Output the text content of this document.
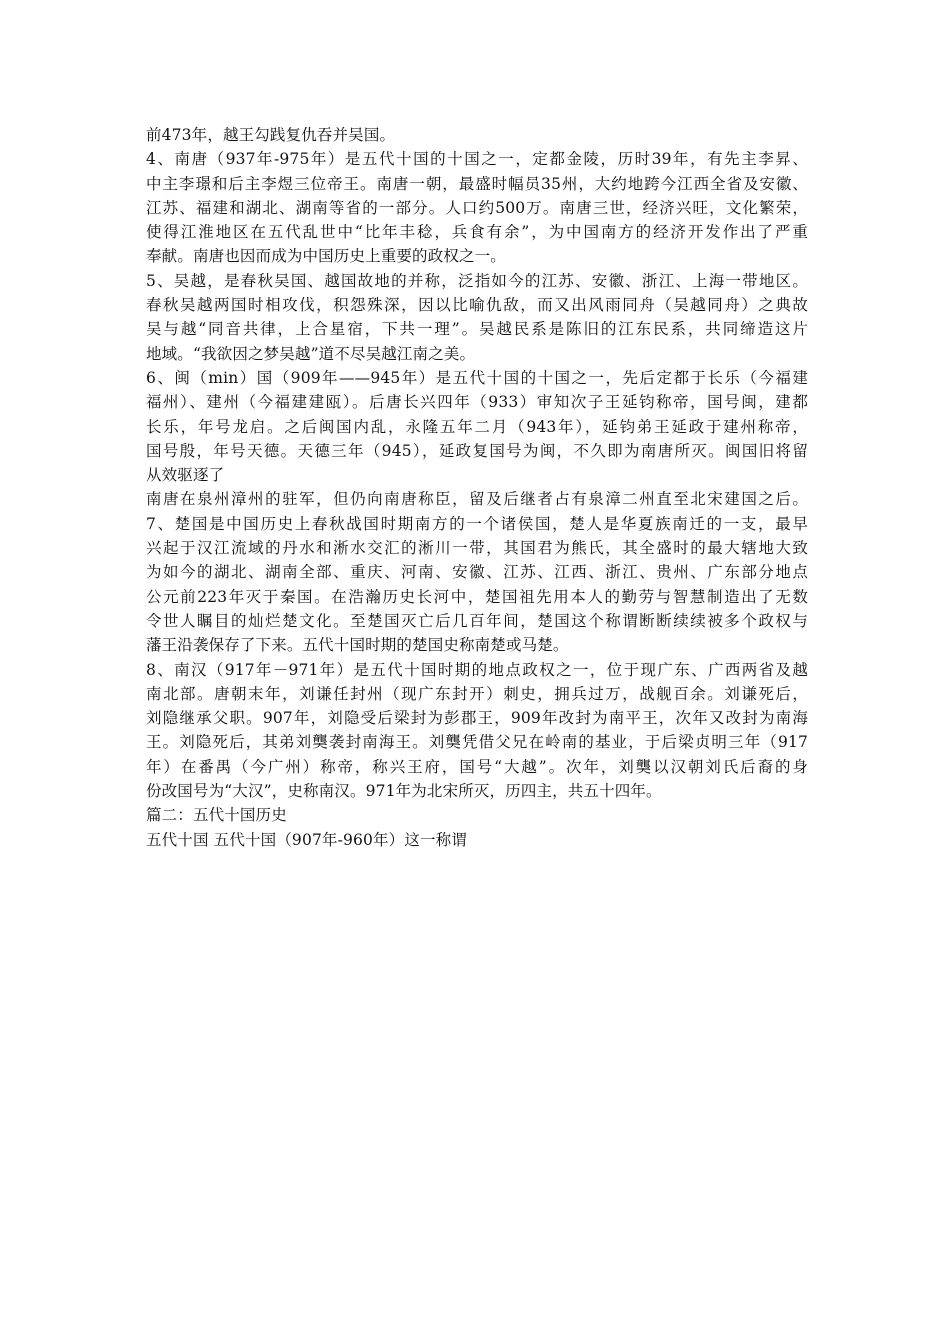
前473年，越王勾践复仇吞并吴国。
4、南唐（937年-975年）是五代十国的十国之一，定都金陵，历时39年，有先主李昇、
中主李璟和后主李煜三位帝王。南唐一朝，最盛时幅员35州，大约地跨今江西全省及安徽、
江苏、福建和湖北、湖南等省的一部分。人口约500万。南唐三世，经济兴旺，文化繁荣，
使得江淮地区在五代乱世中“比年丰稔，兵食有余”，为中国南方的经济开发作出了严重
奉献。南唐也因而成为中国历史上重要的政权之一。
5、吴越，是春秋吴国、越国故地的并称，泛指如今的江苏、安徽、浙江、上海一带地区。
春秋吴越两国时相攻伐，积怨殊深，因以比喻仇敌，而又出风雨同舟（吴越同舟）之典故
吴与越“同音共律，上合星宿，下共一理”。吴越民系是陈旧的江东民系，共同缔造这片
地域。“我欲因之梦吴越”道不尽吴越江南之美。
6、闽（min）国（909年——945年）是五代十国的十国之一，先后定都于长乐（今福建
福州）、建州（今福建建瓯）。后唐长兴四年（933）审知次子王延钧称帝，国号闽，建都
长乐，年号龙启。之后闽国内乱，永隆五年二月（943年），延钧弟王延政于建州称帝，
国号殷，年号天德。天德三年（945），延政复国号为闽，不久即为南唐所灭。闽国旧将留
从效驱逐了
南唐在泉州漳州的驻军，但仍向南唐称臣，留及后继者占有泉漳二州直至北宋建国之后。
7、楚国是中国历史上春秋战国时期南方的一个诸侯国，楚人是华夏族南迁的一支，最早
兴起于汉江流域的丹水和淅水交汇的淅川一带，其国君为熊氏，其全盛时的最大辖地大致
为如今的湖北、湖南全部、重庆、河南、安徽、江苏、江西、浙江、贵州、广东部分地点
公元前223年灭于秦国。在浩瀚历史长河中，楚国祖先用本人的勤劳与智慧制造出了无数
令世人瞩目的灿烂楚文化。至楚国灭亡后几百年间，楚国这个称谓断断续续被多个政权与
藩王沿袭保存了下来。五代十国时期的楚国史称南楚或马楚。
8、南汉（917年－971年）是五代十国时期的地点政权之一，位于现广东、广西两省及越
南北部。唐朝末年，刘谦任封州（现广东封开）刺史，拥兵过万，战舰百余。刘谦死后，
刘隐继承父职。907年，刘隐受后梁封为彭郡王，909年改封为南平王，次年又改封为南海
王。刘隐死后，其弟刘龑袭封南海王。刘龑凭借父兄在岭南的基业，于后梁贞明三年（917
年）在番禺（今广州）称帝，称兴王府，国号“大越”。次年，刘龑以汉朝刘氏后裔的身
份改国号为“大汉”，史称南汉。971年为北宋所灭，历四主，共五十四年。
篇二：五代十国历史
五代十国 五代十国（907年-960年）这一称谓
